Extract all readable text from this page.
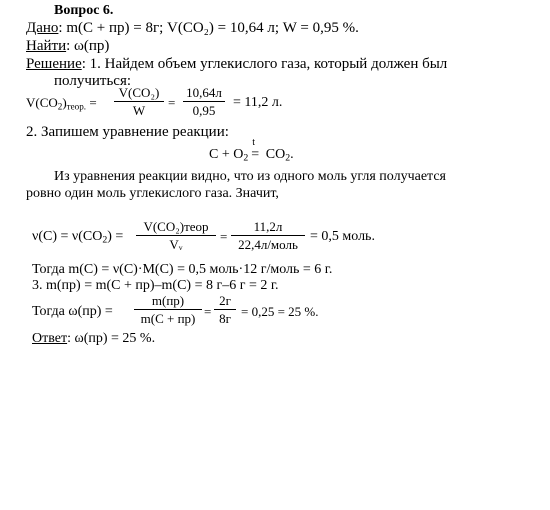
Вопрос 6.
Дано: m(C + пр) = 8г; V(CO₂) = 10,64 л; W = 0,95 %.
Найти: ω(пр)
Решение: 1. Найдем объем углекислого газа, который должен был
получиться:
$V(CO_2)_{теор.}$ =
V(CO₂)
W
=
10,64л
0,95
= 11,2 л.
2. Запишем уравнение реакции:
$C + O_2$
t
= $CO_2$.
Из уравнения реакции видно, что из одного моль угля получается
ровно один моль углекислого газа. Значит,
$\nu(C) = \nu(CO_2)$ =
V(CO₂)теор
Vᵥ
=
11,2л
22,4л/моль
= 0,5 моль.
Тогда m(C) = ν(C)·M(C) = 0,5 моль·12 г/моль = 6 г.
3. m(пр) = m(C + пр)–m(C) = 8 г–6 г = 2 г.
Тогда ω(пр) =
m(пр)
m(C + пр) =
2г
8г = 0,25 = 25 %.
Ответ: ω(пр) = 25 %.
